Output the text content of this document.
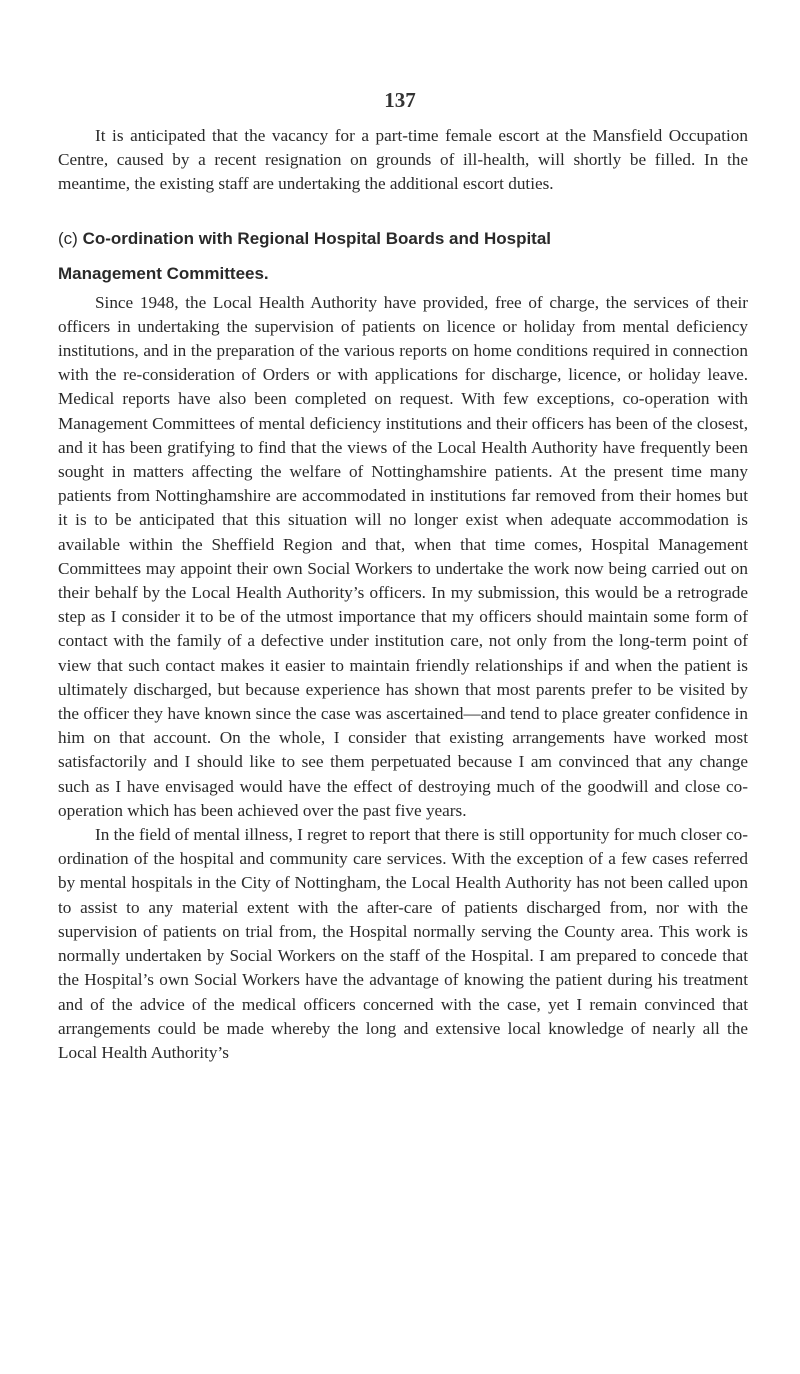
137

It is anticipated that the vacancy for a part-time female escort at the Mansfield Occupation Centre, caused by a recent resignation on grounds of ill-health, will shortly be filled. In the meantime, the existing staff are undertaking the additional escort duties.

(c) Co-ordination with Regional Hospital Boards and Hospital
Management Committees.

Since 1948, the Local Health Authority have provided, free of charge, the services of their officers in undertaking the supervision of patients on licence or holiday from mental deficiency institutions, and in the preparation of the various reports on home conditions required in connection with the re-consideration of Orders or with applications for discharge, licence, or holiday leave. Medical reports have also been completed on request. With few exceptions, co-operation with Management Committees of mental deficiency institutions and their officers has been of the closest, and it has been gratifying to find that the views of the Local Health Authority have frequently been sought in matters affecting the welfare of Nottinghamshire patients. At the present time many patients from Nottinghamshire are accommodated in institutions far removed from their homes but it is to be anticipated that this situation will no longer exist when adequate accommodation is available within the Sheffield Region and that, when that time comes, Hospital Management Committees may appoint their own Social Workers to undertake the work now being carried out on their behalf by the Local Health Authority’s officers. In my submission, this would be a retrograde step as I consider it to be of the utmost importance that my officers should maintain some form of contact with the family of a defective under institution care, not only from the long-term point of view that such contact makes it easier to maintain friendly relationships if and when the patient is ultimately discharged, but because experience has shown that most parents prefer to be visited by the officer they have known since the case was ascertained—and tend to place greater confidence in him on that account. On the whole, I consider that existing arrangements have worked most satisfactorily and I should like to see them perpetuated because I am convinced that any change such as I have envisaged would have the effect of destroying much of the goodwill and close co-operation which has been achieved over the past five years.

In the field of mental illness, I regret to report that there is still opportunity for much closer co-ordination of the hospital and community care services. With the exception of a few cases referred by mental hospitals in the City of Nottingham, the Local Health Authority has not been called upon to assist to any material extent with the after-care of patients discharged from, nor with the supervision of patients on trial from, the Hospital normally serving the County area. This work is normally undertaken by Social Workers on the staff of the Hospital. I am prepared to concede that the Hospital’s own Social Workers have the advantage of knowing the patient during his treatment and of the advice of the medical officers concerned with the case, yet I remain convinced that arrangements could be made whereby the long and extensive local knowledge of nearly all the Local Health Authority’s
